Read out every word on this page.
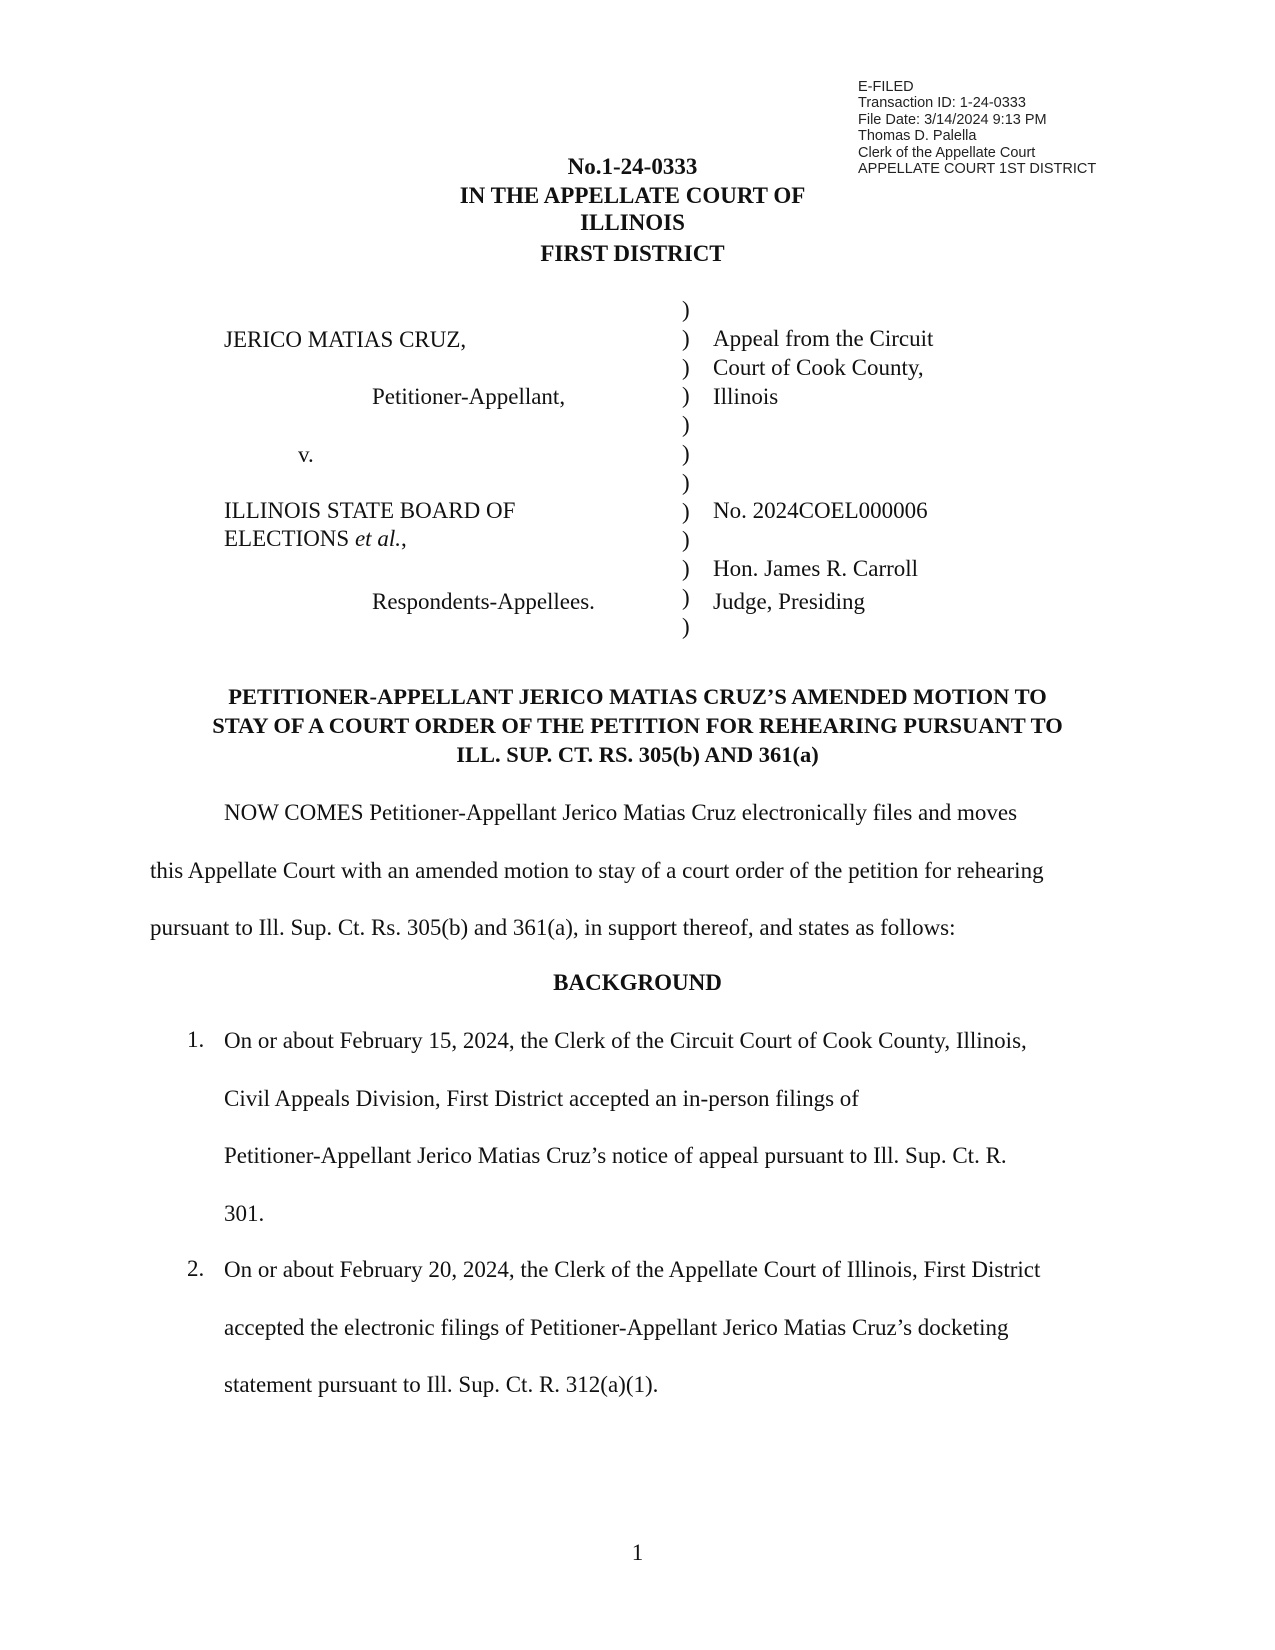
E-FILED
Transaction ID: 1-24-0333
File Date: 3/14/2024 9:13 PM
Thomas D. Palella
Clerk of the Appellate Court
APPELLATE COURT 1ST DISTRICT
No.1-24-0333
IN THE APPELLATE COURT OF
ILLINOIS
FIRST DISTRICT
JERICO MATIAS CRUZ,
Petitioner-Appellant,
v.
ILLINOIS STATE BOARD OF
ELECTIONS et al.,
Respondents-Appellees.
)
)
)
)
)
)
)
)
)
)
)
)
Appeal from the Circuit
Court of Cook County,
Illinois
No. 2024COEL000006
Hon. James R. Carroll
Judge, Presiding
PETITIONER-APPELLANT JERICO MATIAS CRUZ’S AMENDED MOTION TO
STAY OF A COURT ORDER OF THE PETITION FOR REHEARING PURSUANT TO
ILL. SUP. CT. RS. 305(b) AND 361(a)
NOW COMES Petitioner-Appellant Jerico Matias Cruz electronically files and moves
this Appellate Court with an amended motion to stay of a court order of the petition for rehearing
pursuant to Ill. Sup. Ct. Rs. 305(b) and 361(a), in support thereof, and states as follows:
BACKGROUND
1. On or about February 15, 2024, the Clerk of the Circuit Court of Cook County, Illinois,
Civil Appeals Division, First District accepted an in-person filings of
Petitioner-Appellant Jerico Matias Cruz’s notice of appeal pursuant to Ill. Sup. Ct. R.
301.
2. On or about February 20, 2024, the Clerk of the Appellate Court of Illinois, First District
accepted the electronic filings of Petitioner-Appellant Jerico Matias Cruz’s docketing
statement pursuant to Ill. Sup. Ct. R. 312(a)(1).
1
